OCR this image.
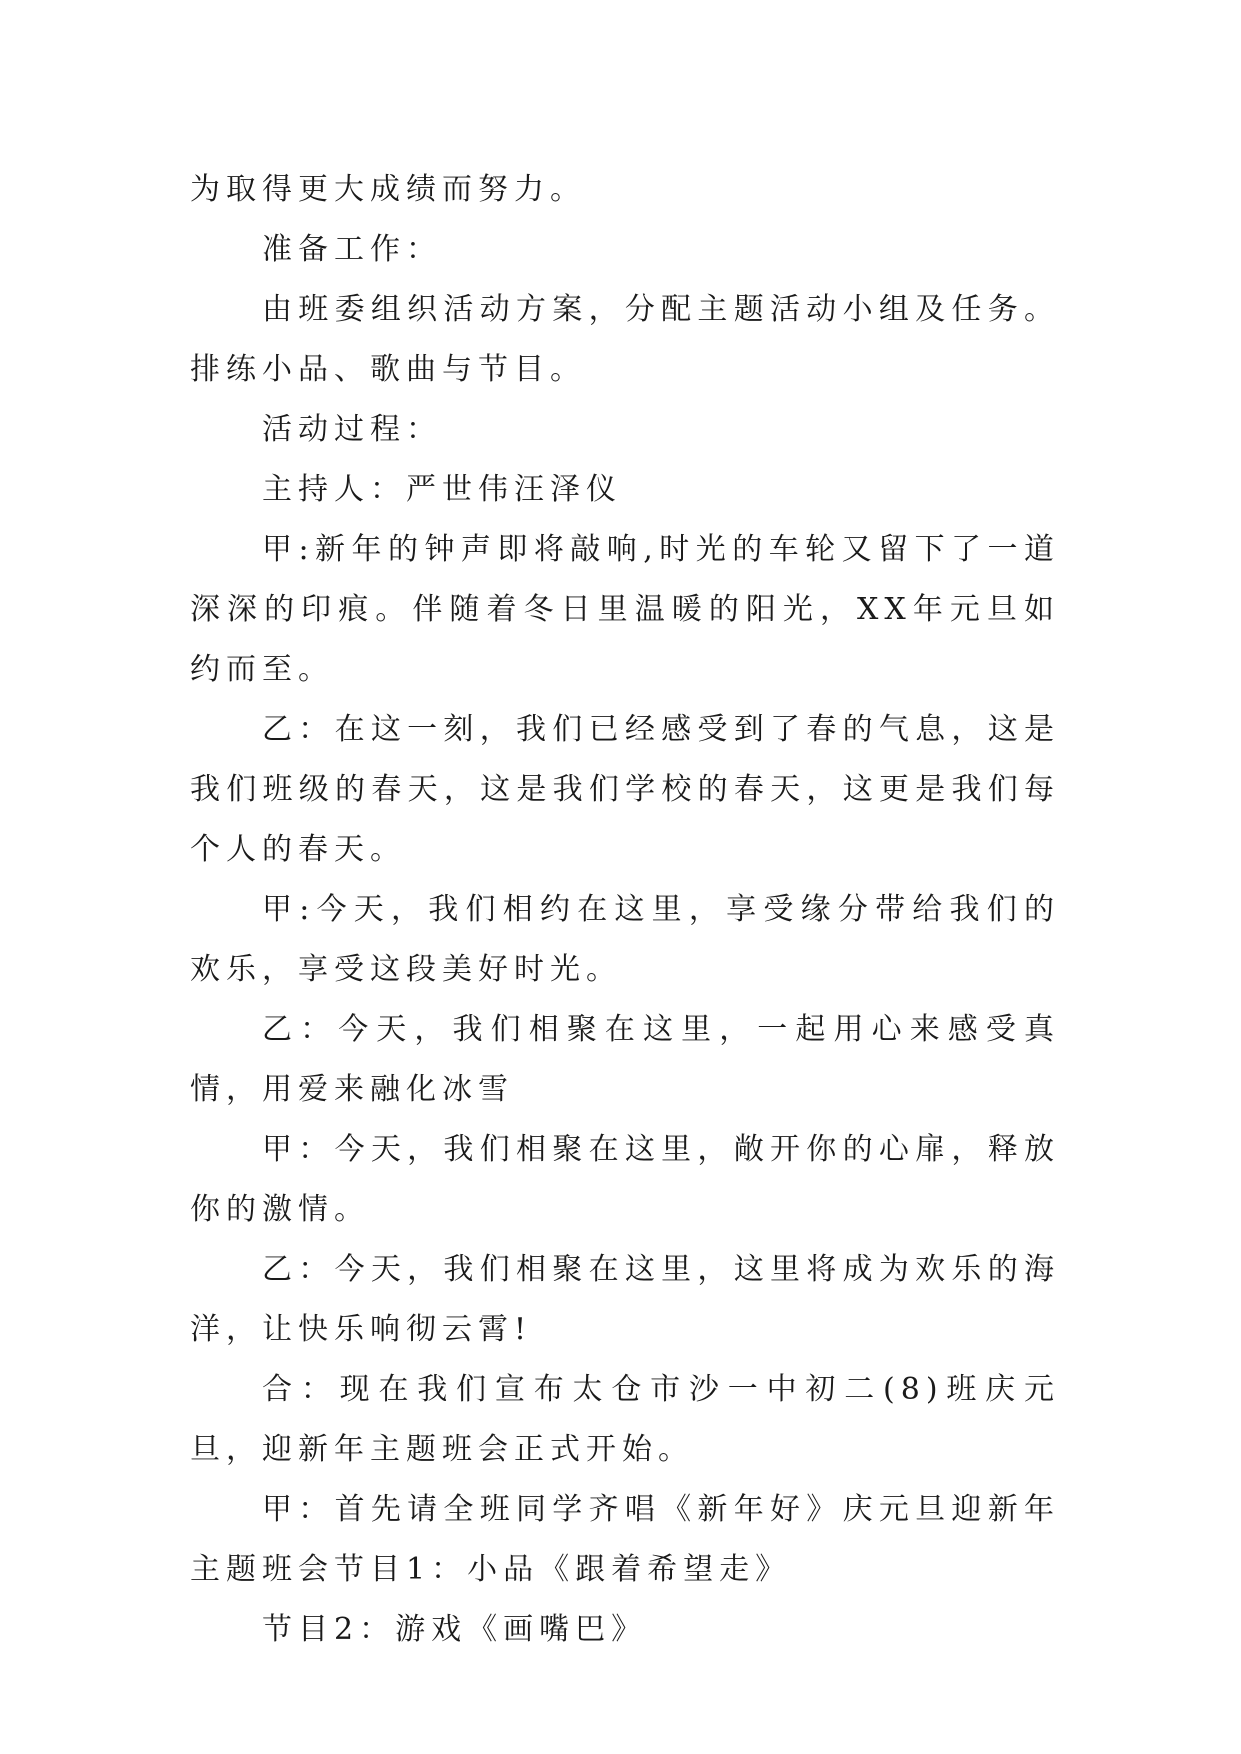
为取得更大成绩而努力。

准备工作：

由班委组织活动方案，分配主题活动小组及任务。排练小品、歌曲与节目。

活动过程：

主持人：严世伟汪泽仪

甲:新年的钟声即将敲响,时光的车轮又留下了一道深深的印痕。伴随着冬日里温暖的阳光，XX年元旦如约而至。

乙：在这一刻，我们已经感受到了春的气息，这是我们班级的春天，这是我们学校的春天，这更是我们每个人的春天。

甲:今天，我们相约在这里，享受缘分带给我们的欢乐，享受这段美好时光。

乙：今天，我们相聚在这里，一起用心来感受真情，用爱来融化冰雪

甲：今天，我们相聚在这里，敞开你的心扉，释放你的激情。

乙：今天，我们相聚在这里，这里将成为欢乐的海洋，让快乐响彻云霄!

合：现在我们宣布太仓市沙一中初二(8)班庆元旦，迎新年主题班会正式开始。

甲：首先请全班同学齐唱《新年好》庆元旦迎新年主题班会节目1：小品《跟着希望走》

节目2：游戏《画嘴巴》
